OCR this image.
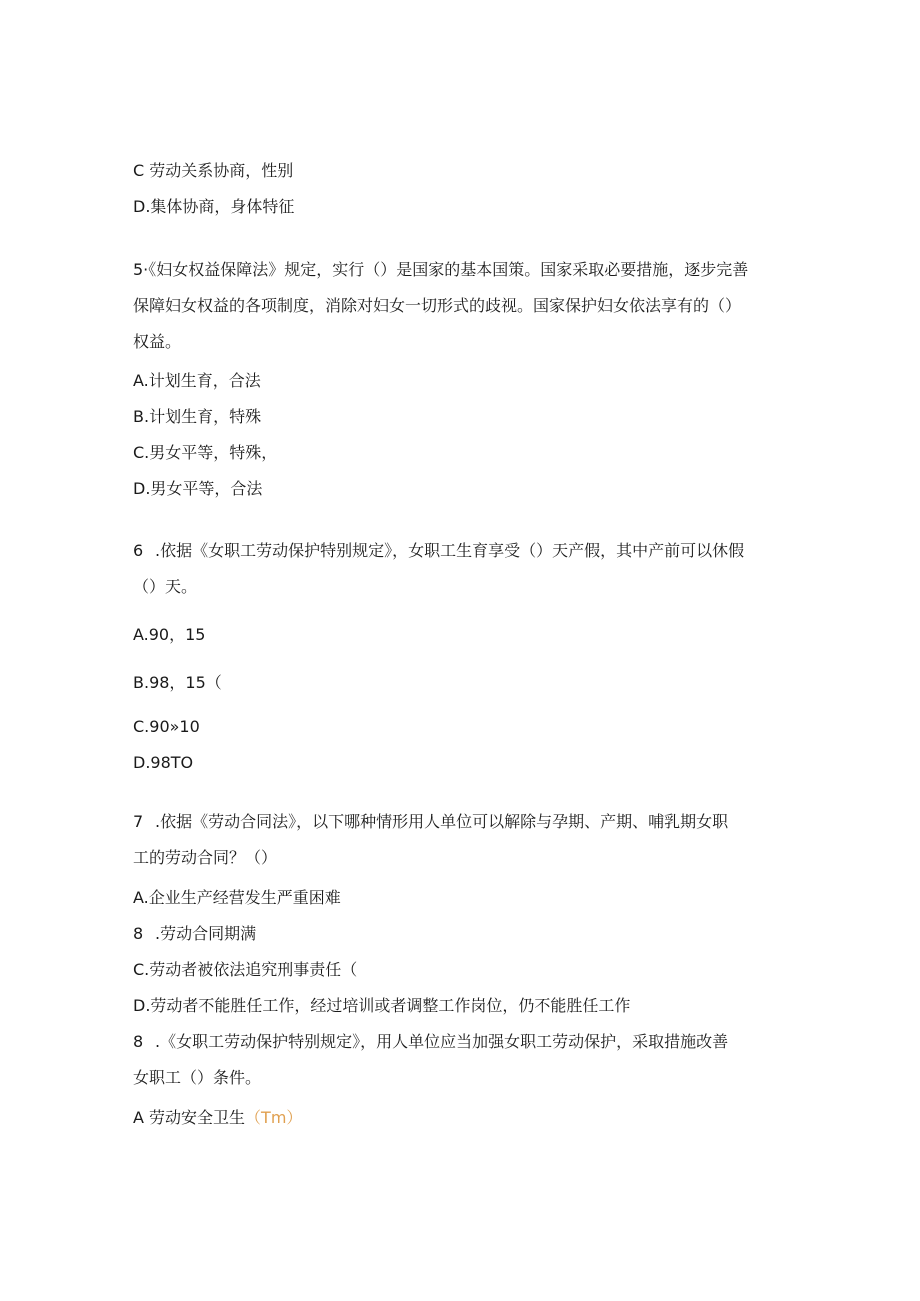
C 劳动关系协商，性别
D.集体协商，身体特征
5·《妇女权益保障法》规定，实行（）是国家的基本国策。国家采取必要措施，逐步完善
保障妇女权益的各项制度，消除对妇女一切形式的歧视。国家保护妇女依法享有的（）
权益。
A.计划生育，合法
B.计划生育，特殊
C.男女平等，特殊，
D.男女平等，合法
6 .依据《女职工劳动保护特别规定》，女职工生育享受（）天产假，其中产前可以休假
（）天。
A.90，15
B.98，15（
C.90»10
D.98TO
7 .依据《劳动合同法》，以下哪种情形用人单位可以解除与孕期、产期、哺乳期女职
工的劳动合同？（）
A.企业生产经营发生严重困难
8 .劳动合同期满
C.劳动者被依法追究刑事责任（
D.劳动者不能胜任工作，经过培训或者调整工作岗位，仍不能胜任工作
8 .《女职工劳动保护特别规定》，用人单位应当加强女职工劳动保护，采取措施改善
女职工（）条件。
A 劳动安全卫生（Tm）
